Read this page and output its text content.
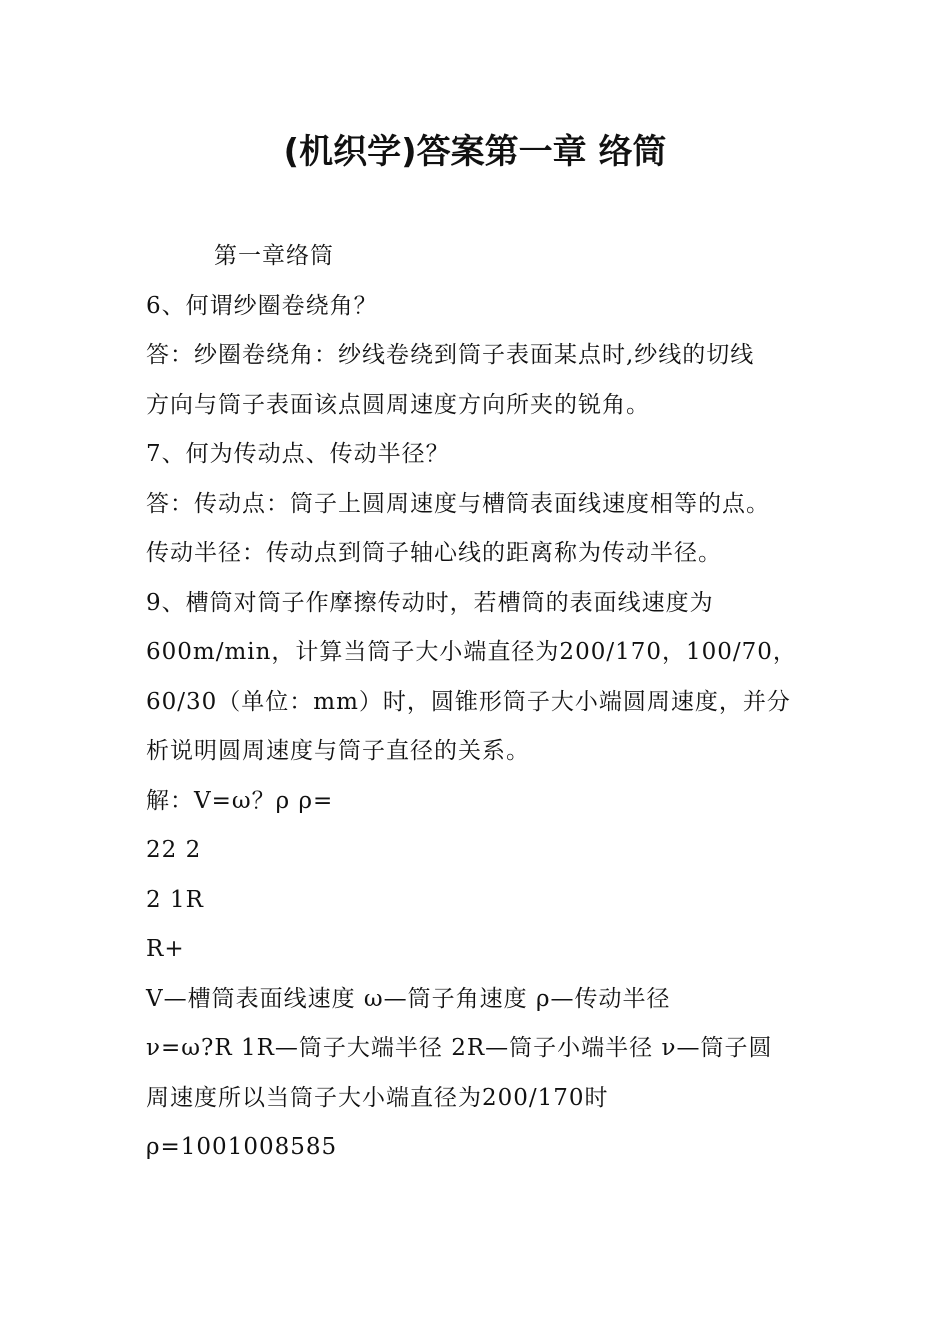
(机织学)答案第一章 络筒
第一章络筒
6、何谓纱圈卷绕角？
答：纱圈卷绕角：纱线卷绕到筒子表面某点时,纱线的切线
方向与筒子表面该点圆周速度方向所夹的锐角。
7、何为传动点、传动半径？
答：传动点：筒子上圆周速度与槽筒表面线速度相等的点。
传动半径：传动点到筒子轴心线的距离称为传动半径。
9、槽筒对筒子作摩擦传动时，若槽筒的表面线速度为
600m/min，计算当筒子大小端直径为200/170，100/70，
60/30（单位：mm）时，圆锥形筒子大小端圆周速度，并分
析说明圆周速度与筒子直径的关系。
解：V=ω？ρ ρ=
22 2
2 1R
R+
V—槽筒表面线速度 ω—筒子角速度 ρ—传动半径
ν=ω?R 1R—筒子大端半径 2R—筒子小端半径 ν—筒子圆
周速度所以当筒子大小端直径为200/170时
ρ=1001008585
